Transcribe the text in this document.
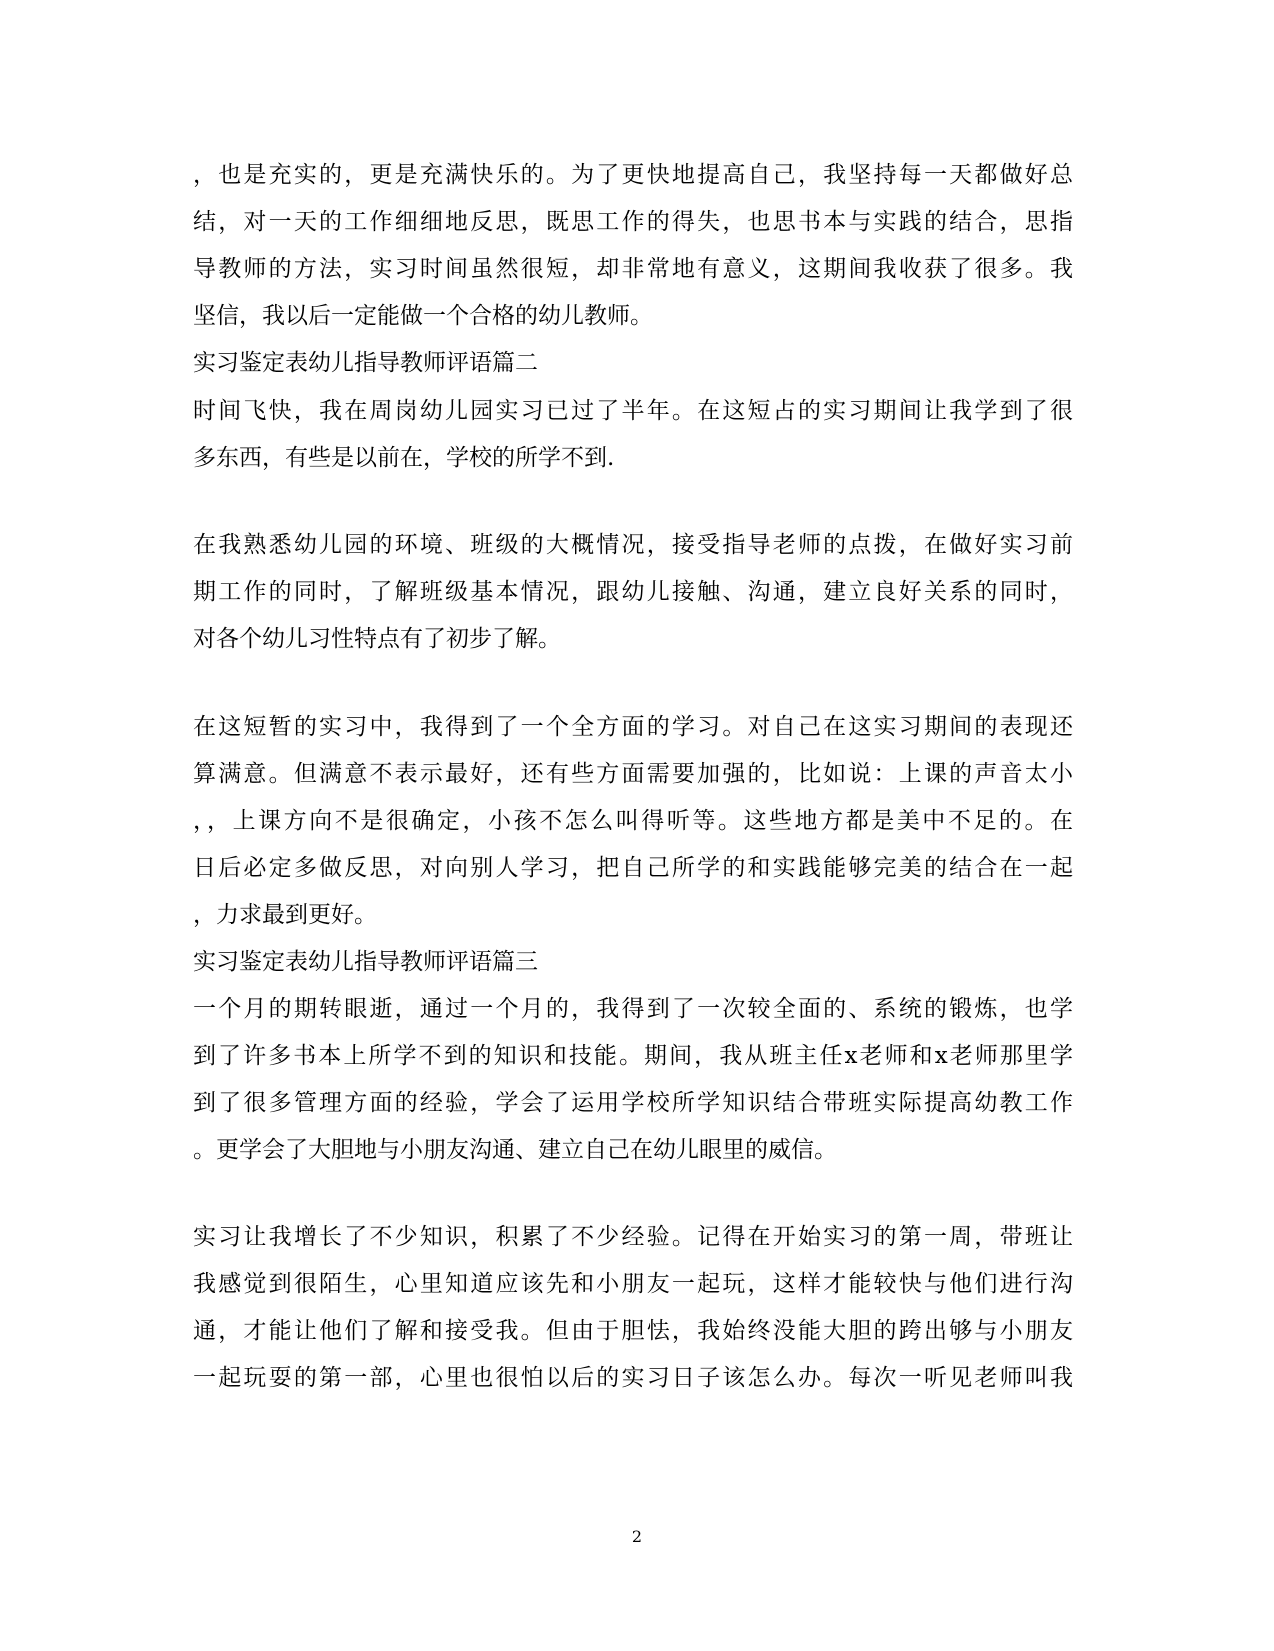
，也是充实的，更是充满快乐的。为了更快地提高自己，我坚持每一天都做好总
结，对一天的工作细细地反思，既思工作的得失，也思书本与实践的结合，思指
导教师的方法，实习时间虽然很短，却非常地有意义，这期间我收获了很多。我
坚信，我以后一定能做一个合格的幼儿教师。
实习鉴定表幼儿指导教师评语篇二
时间飞快，我在周岗幼儿园实习已过了半年。在这短占的实习期间让我学到了很
多东西，有些是以前在，学校的所学不到.
在我熟悉幼儿园的环境、班级的大概情况，接受指导老师的点拨，在做好实习前
期工作的同时，了解班级基本情况，跟幼儿接触、沟通，建立良好关系的同时，
对各个幼儿习性特点有了初步了解。
在这短暂的实习中，我得到了一个全方面的学习。对自己在这实习期间的表现还
算满意。但满意不表示最好，还有些方面需要加强的，比如说：上课的声音太小
，，上课方向不是很确定，小孩不怎么叫得听等。这些地方都是美中不足的。在
日后必定多做反思，对向别人学习，把自己所学的和实践能够完美的结合在一起
，力求最到更好。
实习鉴定表幼儿指导教师评语篇三
一个月的期转眼逝，通过一个月的，我得到了一次较全面的、系统的锻炼，也学
到了许多书本上所学不到的知识和技能。期间，我从班主任x老师和x老师那里学
到了很多管理方面的经验，学会了运用学校所学知识结合带班实际提高幼教工作
。更学会了大胆地与小朋友沟通、建立自己在幼儿眼里的威信。
实习让我增长了不少知识，积累了不少经验。记得在开始实习的第一周，带班让
我感觉到很陌生，心里知道应该先和小朋友一起玩，这样才能较快与他们进行沟
通，才能让他们了解和接受我。但由于胆怯，我始终没能大胆的跨出够与小朋友
一起玩耍的第一部，心里也很怕以后的实习日子该怎么办。每次一听见老师叫我
2
